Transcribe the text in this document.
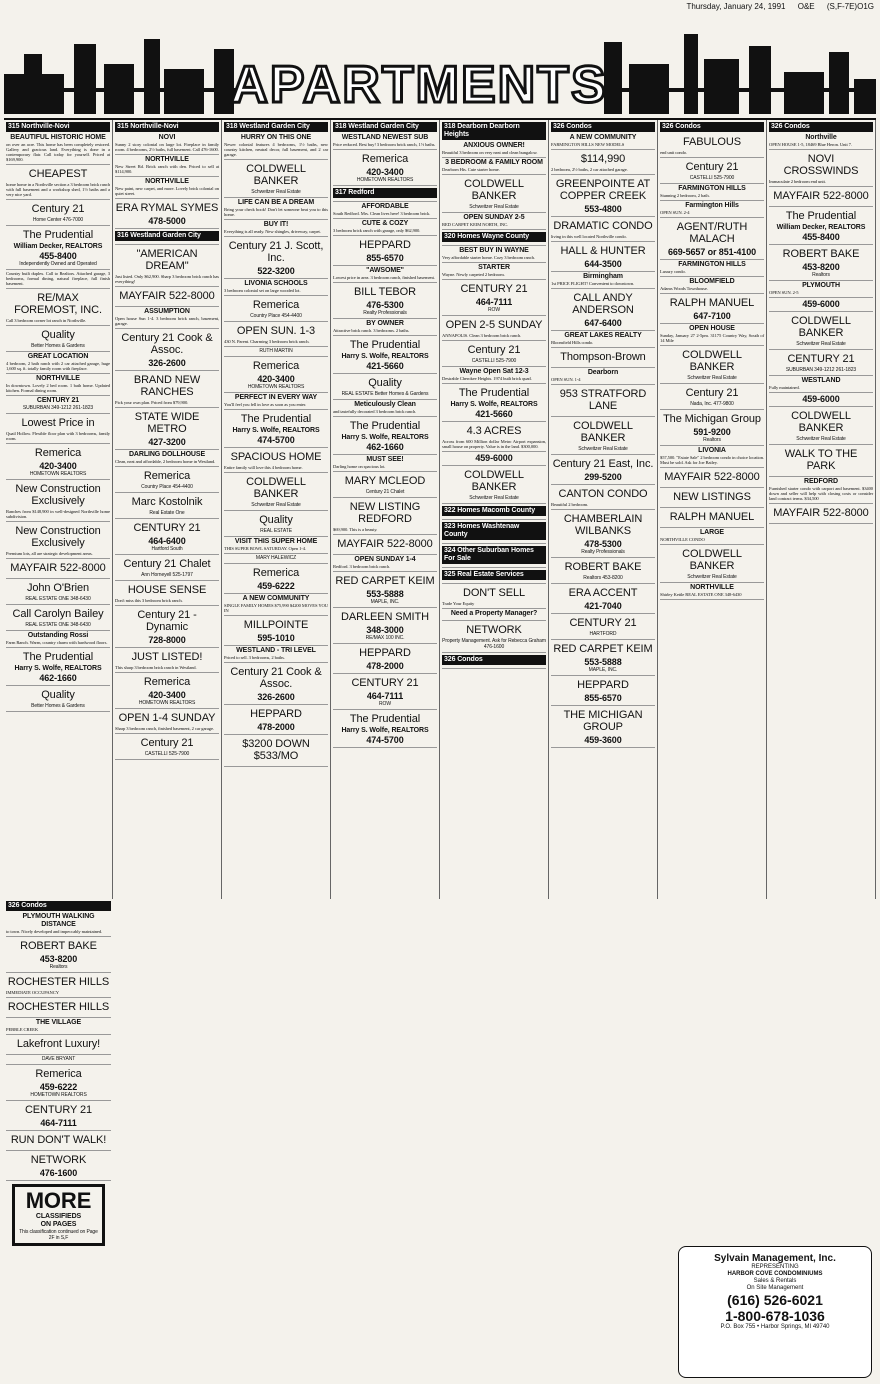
Thursday, January 24, 1991 O&E (S,F-7E)O1G
APARTMENTS
315 Northville-Novi
BEAUTIFUL HISTORIC HOME

on over an acre. This home has been completely restored. Gallery and gracious land. Everything is done in a contemporary flair. Call today for yourself. Priced at $169,900.

CHEAPEST

home home in a Northville section a 3 bedroom brick ranch with full basement and a workshop shed, 1½ baths and a very nice yard.

Century 21
Home Center 476-7000
The Prudential
William Decker, REALTORS
455-8400
Independently Owned and Operated

Country built duplex. Call to Realtors. Attached garage, 3 bedrooms, formal dining, natural fireplace, full finish basement.

RE/MAX FOREMOST, INC.

Call 3 bedroom corner lot ranch in Northville.

Quality
Better Homes & Gardens
GREAT LOCATION

4 bedroom, 2 bath ranch with 2 car attached garage, huge 1,600 sq. ft. totally family room with fireplace.

NORTHVILLE

In downtown. Lovely 2 bed room. 1 bath home. Updated kitchen. Formal dining room.

CENTURY 21
SUBURBAN 349-1212 261-1823
Lowest Price in

Quail Hollow. Flexible floor plan with 3 bedrooms, family room.

Remerica
420-3400
HOMETOWN REALTORS
New Construction Exclusively

Ranches from $148,900 in well-designed Northville home subdivision.

New Construction Exclusively

Premium lots, all are strategic development areas.

MAYFAIR 522-8000
John O'Brien
REAL ESTATE ONE 348-6430
Call Carolyn Bailey
REAL ESTATE ONE 348-6430
Outstanding Rossi

Farm Ranch. Warm, country charm with hardwood floors.

The Prudential
Harry S. Wolfe, REALTORS
462-1660
Quality
Better Homes & Gardens
315 Northville-Novi
NOVI

Sunny 2 story colonial on large lot. Fireplace in family room. 4 bedrooms, 2½ baths, full basement. Call 476-1600.

NORTHVILLE

New Street Rd. Brick ranch with den. Priced to sell at $114,900.

NORTHVILLE

New paint, new carpet, and more. Lovely brick colonial on quiet street.

ERA RYMAL SYMES
478-5000
316 Westland Garden City
"AMERICAN DREAM"

Just listed. Only $62,900. Sharp 3 bedroom brick ranch has everything!

MAYFAIR 522-8000
ASSUMPTION

Open house Sun 1-4. 3 bedroom brick ranch, basement, garage.

Century 21 Cook & Assoc.
326-2600
BRAND NEW RANCHES

Pick your own plan. Priced from $79,900.

STATE WIDE METRO
427-3200
DARLING DOLLHOUSE

Clean, neat and affordable, 2 bedroom home in Westland.

Remerica
Country Place 454-4400
Marc Kostolnik
Real Estate One
CENTURY 21
464-6400
Hartford South
Century 21 Chalet
Ann Horneyell 525-1797
HOUSE SENSE

Don't miss this 3 bedroom brick ranch.

Century 21 - Dynamic
728-8000
JUST LISTED!

This sharp 3 bedroom brick ranch in Westland.

Remerica
420-3400
HOMETOWN REALTORS
OPEN 1-4 SUNDAY

Sharp 3 bedroom ranch, finished basement, 2 car garage.

Century 21
CASTELLI 525-7900
318 Westland Garden City
HURRY ON THIS ONE

Newer colonial features 4 bedrooms, 1½ baths, new country kitchen, neutral decor, full basement, and 2 car garage.

COLDWELL BANKER
Schweitzer Real Estate
LIFE CAN BE A DREAM

Bring your check book! Don't let someone beat you to this home.

BUY IT!

Everything is all ready. New shingles, driveway, carpet.

Century 21 J. Scott, Inc.
522-3200
LIVONIA SCHOOLS

3 bedroom colonial set on large wooded lot.

Remerica
Country Place 454-4400
OPEN SUN. 1-3

430 N. Parent. Charming 3 bedroom brick ranch.

RUTH MARTIN
Remerica
420-3400
HOMETOWN REALTORS
PERFECT IN EVERY WAY

You'll feel you fell in love as soon as you enter.

The Prudential
Harry S. Wolfe, REALTORS
474-5700
SPACIOUS HOME

Entire family will love this 4 bedroom home.

COLDWELL BANKER
Schweitzer Real Estate
Quality
REAL ESTATE
VISIT THIS SUPER HOME

THIS SUPER BOWL SATURDAY. Open 1-4.

MARY HALEWICZ
Remerica
459-6222
A NEW COMMUNITY

SINGLE FAMILY HOMES $75,990 $4200 MOVES YOU IN

MILLPOINTE
595-1010
WESTLAND - TRI LEVEL

Priced to sell. 3 bedrooms, 2 baths.

Century 21 Cook & Assoc.
326-2600
HEPPARD
478-2000
$3200 DOWN $533/MO
318 Westland Garden City
WESTLAND NEWEST SUB

Price reduced. Best buy! 3 bedroom brick ranch, 1½ baths.

Remerica
420-3400
HOMETOWN REALTORS
317 Redford
AFFORDABLE

South Redford. Mrs. Clean lives here! 3 bedroom brick.

CUTE & COZY

3 bedroom brick ranch with garage, only $62,900.

HEPPARD
855-6570
"AWSOME"

Lowest price in area. 3 bedroom ranch, finished basement.

BILL TEBOR
476-5300
Realty Professionals
BY OWNER

Attractive brick ranch. 3 bedrooms. 2 baths.

The Prudential
Harry S. Wolfe, REALTORS
421-5660
Quality
REAL ESTATE Better Homes & Gardens
Meticulously Clean

and tastefully decorated 3 bedroom brick ranch.

The Prudential
Harry S. Wolfe, REALTORS
462-1660
MUST SEE!

Darling home on spacious lot.

MARY MCLEOD
Century 21 Chalet
NEW LISTING REDFORD

$69,900. This is a beauty.

MAYFAIR 522-8000
OPEN SUNDAY 1-4

Redford. 3 bedroom brick ranch.

RED CARPET KEIM
553-5888
MAPLE, INC.
DARLEEN SMITH
348-3000
RE/MAX 100 INC.
HEPPARD
478-2000
CENTURY 21
464-7111
ROW
The Prudential
Harry S. Wolfe, REALTORS
474-5700
318 Dearborn Dearborn Heights
ANXIOUS OWNER!

Beautiful 3 bedroom on very neat and clean bungalow.

3 BEDROOM & FAMILY ROOM

Dearborn Hts. Cute starter home.

COLDWELL BANKER
Schweitzer Real Estate
OPEN SUNDAY 2-5

RED CARPET KEIM NORTH, INC.

320 Homes Wayne County
BEST BUY IN WAYNE

Very affordable starter home. Cozy 3 bedroom ranch.

STARTER

Wayne. Newly carpeted 2 bedroom.

CENTURY 21
464-7111
ROW
OPEN 2-5 SUNDAY

ANNAPOLIS. Clean 3 bedroom brick ranch.

Century 21
CASTELLI 525-7900
Wayne Open Sat 12-3

Desirable Cherokee Heights. 1974 built brick quad.

The Prudential
Harry S. Wolfe, REALTORS
421-5660
4.3 ACRES

Across from 600 Million dollar Metro Airport expansion, small house on property. Value is in the land. $300,000.

459-6000
COLDWELL BANKER
Schweitzer Real Estate
322 Homes Macomb County
323 Homes Washtenaw County
324 Other Suburban Homes For Sale
325 Real Estate Services
DON'T SELL

Trade Your Equity

Need a Property Manager?

NETWORK
Property Management. Ask for Rebecca Graham 476-1600
326 Condos
326 Condos
A NEW COMMUNITY

FARMINGTON HILLS NEW MODELS

$114,990

2 bedroom, 2½ baths, 2 car attached garage.

GREENPOINTE AT COPPER CREEK
553-4800
DRAMATIC CONDO

living in this well located Northville condo.

HALL & HUNTER
644-3500
Birmingham

1st PRICE FLIGHT! Convenient to downtown.

CALL ANDY ANDERSON
647-6400
GREAT LAKES REALTY

Bloomfield Hills condo.

Thompson-Brown
Dearborn

OPEN SUN. 1-4

953 STRATFORD LANE
COLDWELL BANKER
Schweitzer Real Estate
Century 21 East, Inc.
299-5200
CANTON CONDO

Beautiful 2 bedroom.

CHAMBERLAIN WILBANKS
478-5300
Realty Professionals
ROBERT BAKE
Realtors 453-8200
ERA ACCENT
421-7040
CENTURY 21
HARTFORD
RED CARPET KEIM
553-5888
MAPLE, INC.
HEPPARD
855-6570
THE MICHIGAN GROUP
459-3600
326 Condos
FABULOUS

end unit condo.

Century 21
CASTELLI 525-7900
FARMINGTON HILLS

Stunning 2 bedroom, 2 bath.

Farmington Hills

OPEN SUN. 2-4

AGENT/RUTH MALACH
669-5657 or 851-4100
FARMINGTON HILLS

Luxury condo.

BLOOMFIELD

Adams Woods Townhouse.

RALPH MANUEL
647-7100
OPEN HOUSE

Sunday, January 27 2-5pm. 31175 Country Way, South of 14 Mile

COLDWELL BANKER
Schweitzer Real Estate
Century 21
Nada, Inc. 477-9800
The Michigan Group
591-9200
Realtors
LIVONIA

$57,500. "Estate Sale" 2 bedroom condo in choice location. Must be sold. Ask for Joe Bailey.

MAYFAIR 522-8000
NEW LISTINGS
RALPH MANUEL
LARGE

NORTHVILLE CONDO

COLDWELL BANKER
Schweitzer Real Estate
NORTHVILLE

Shirley Kettle REAL ESTATE ONE 348-6430

326 Condos
Northville

OPEN HOUSE 1-5, 18469 Blue Heron. Unit 7.

NOVI CROSSWINDS

Immaculate 2 bedroom end unit.

MAYFAIR 522-8000
The Prudential
William Decker, REALTORS
455-8400
ROBERT BAKE
453-8200
Realtors
PLYMOUTH

OPEN SUN. 2-5

459-6000
COLDWELL BANKER
Schweitzer Real Estate
CENTURY 21
SUBURBAN 349-1212 261-1823
WESTLAND

Fully maintained.

459-6000
COLDWELL BANKER
Schweitzer Real Estate
WALK TO THE PARK
REDFORD

Furnished starter condo with carport and basement. $3400 down and seller will help with closing costs or consider land contract terms. $34,500

MAYFAIR 522-8000
326 Condos
PLYMOUTH WALKING DISTANCE

to town. Nicely developed and impeccably maintained.

ROBERT BAKE
453-8200
Realtors
ROCHESTER HILLS

IMMEDIATE OCCUPANCY

ROCHESTER HILLS
THE VILLAGE

PEBBLE CREEK

Lakefront Luxury!
DAVE BRYANT
Remerica
459-6222
HOMETOWN REALTORS
CENTURY 21
464-7111
RUN DON'T WALK!
NETWORK
476-1600
MORE
CLASSIFIEDS
ON PAGES
This classification continued on Page 2F in S,F
Sylvain Management, Inc.
REPRESENTING
HARBOR COVE CONDOMINIUMS
Sales & Rentals
On Site Management
(616) 526-6021
1-800-678-1036
P.O. Box 755 • Harbor Springs, MI 49740
